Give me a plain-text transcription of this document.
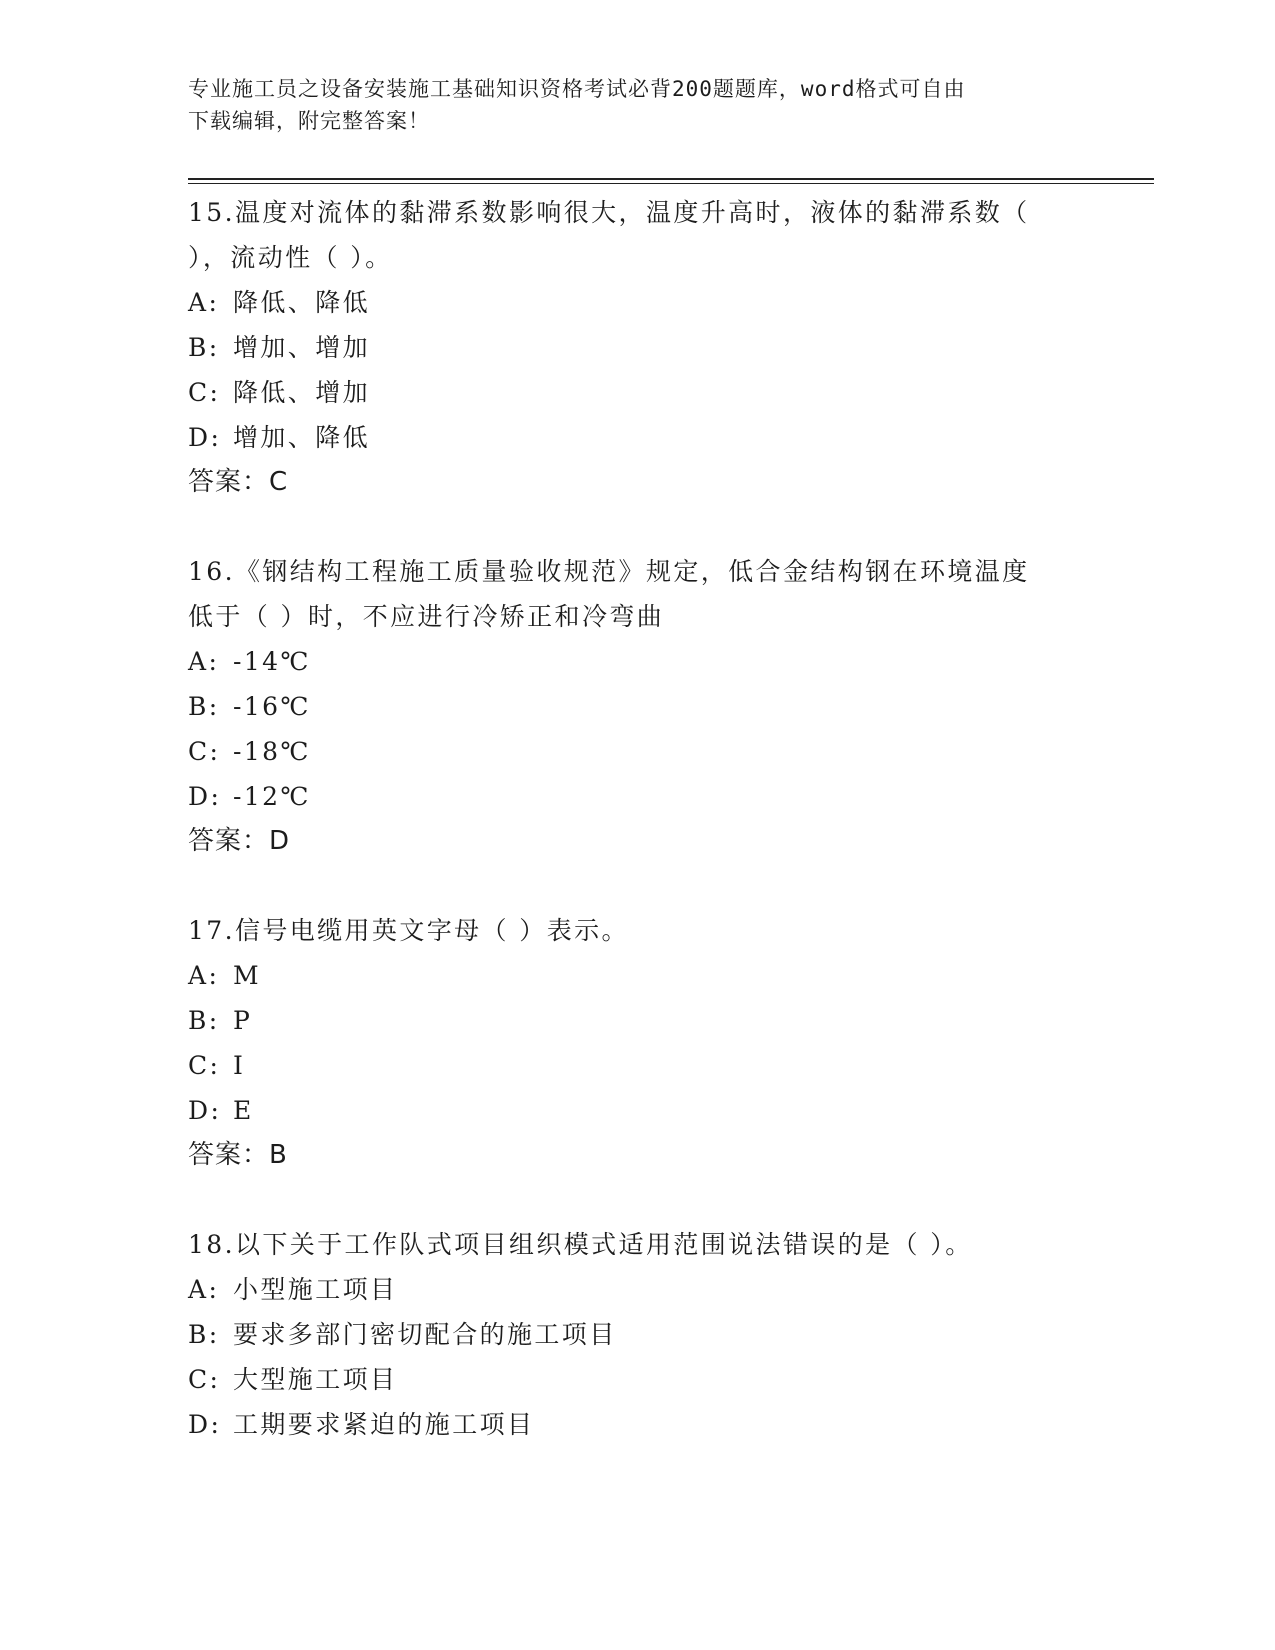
专业施工员之设备安装施工基础知识资格考试必背200题题库，word格式可自由
下载编辑，附完整答案！
15.温度对流体的黏滞系数影响很大，温度升高时，液体的黏滞系数（
），流动性（ ）。
A: 降低、降低
B: 增加、增加
C: 降低、增加
D: 增加、降低
答案：C
16.《钢结构工程施工质量验收规范》规定，低合金结构钢在环境温度
低于（ ）时，不应进行冷矫正和冷弯曲
A: -14℃
B: -16℃
C: -18℃
D: -12℃
答案：D
17.信号电缆用英文字母（ ）表示。
A: M
B: P
C: I
D: E
答案：B
18.以下关于工作队式项目组织模式适用范围说法错误的是（ ）。
A: 小型施工项目
B: 要求多部门密切配合的施工项目
C: 大型施工项目
D: 工期要求紧迫的施工项目
